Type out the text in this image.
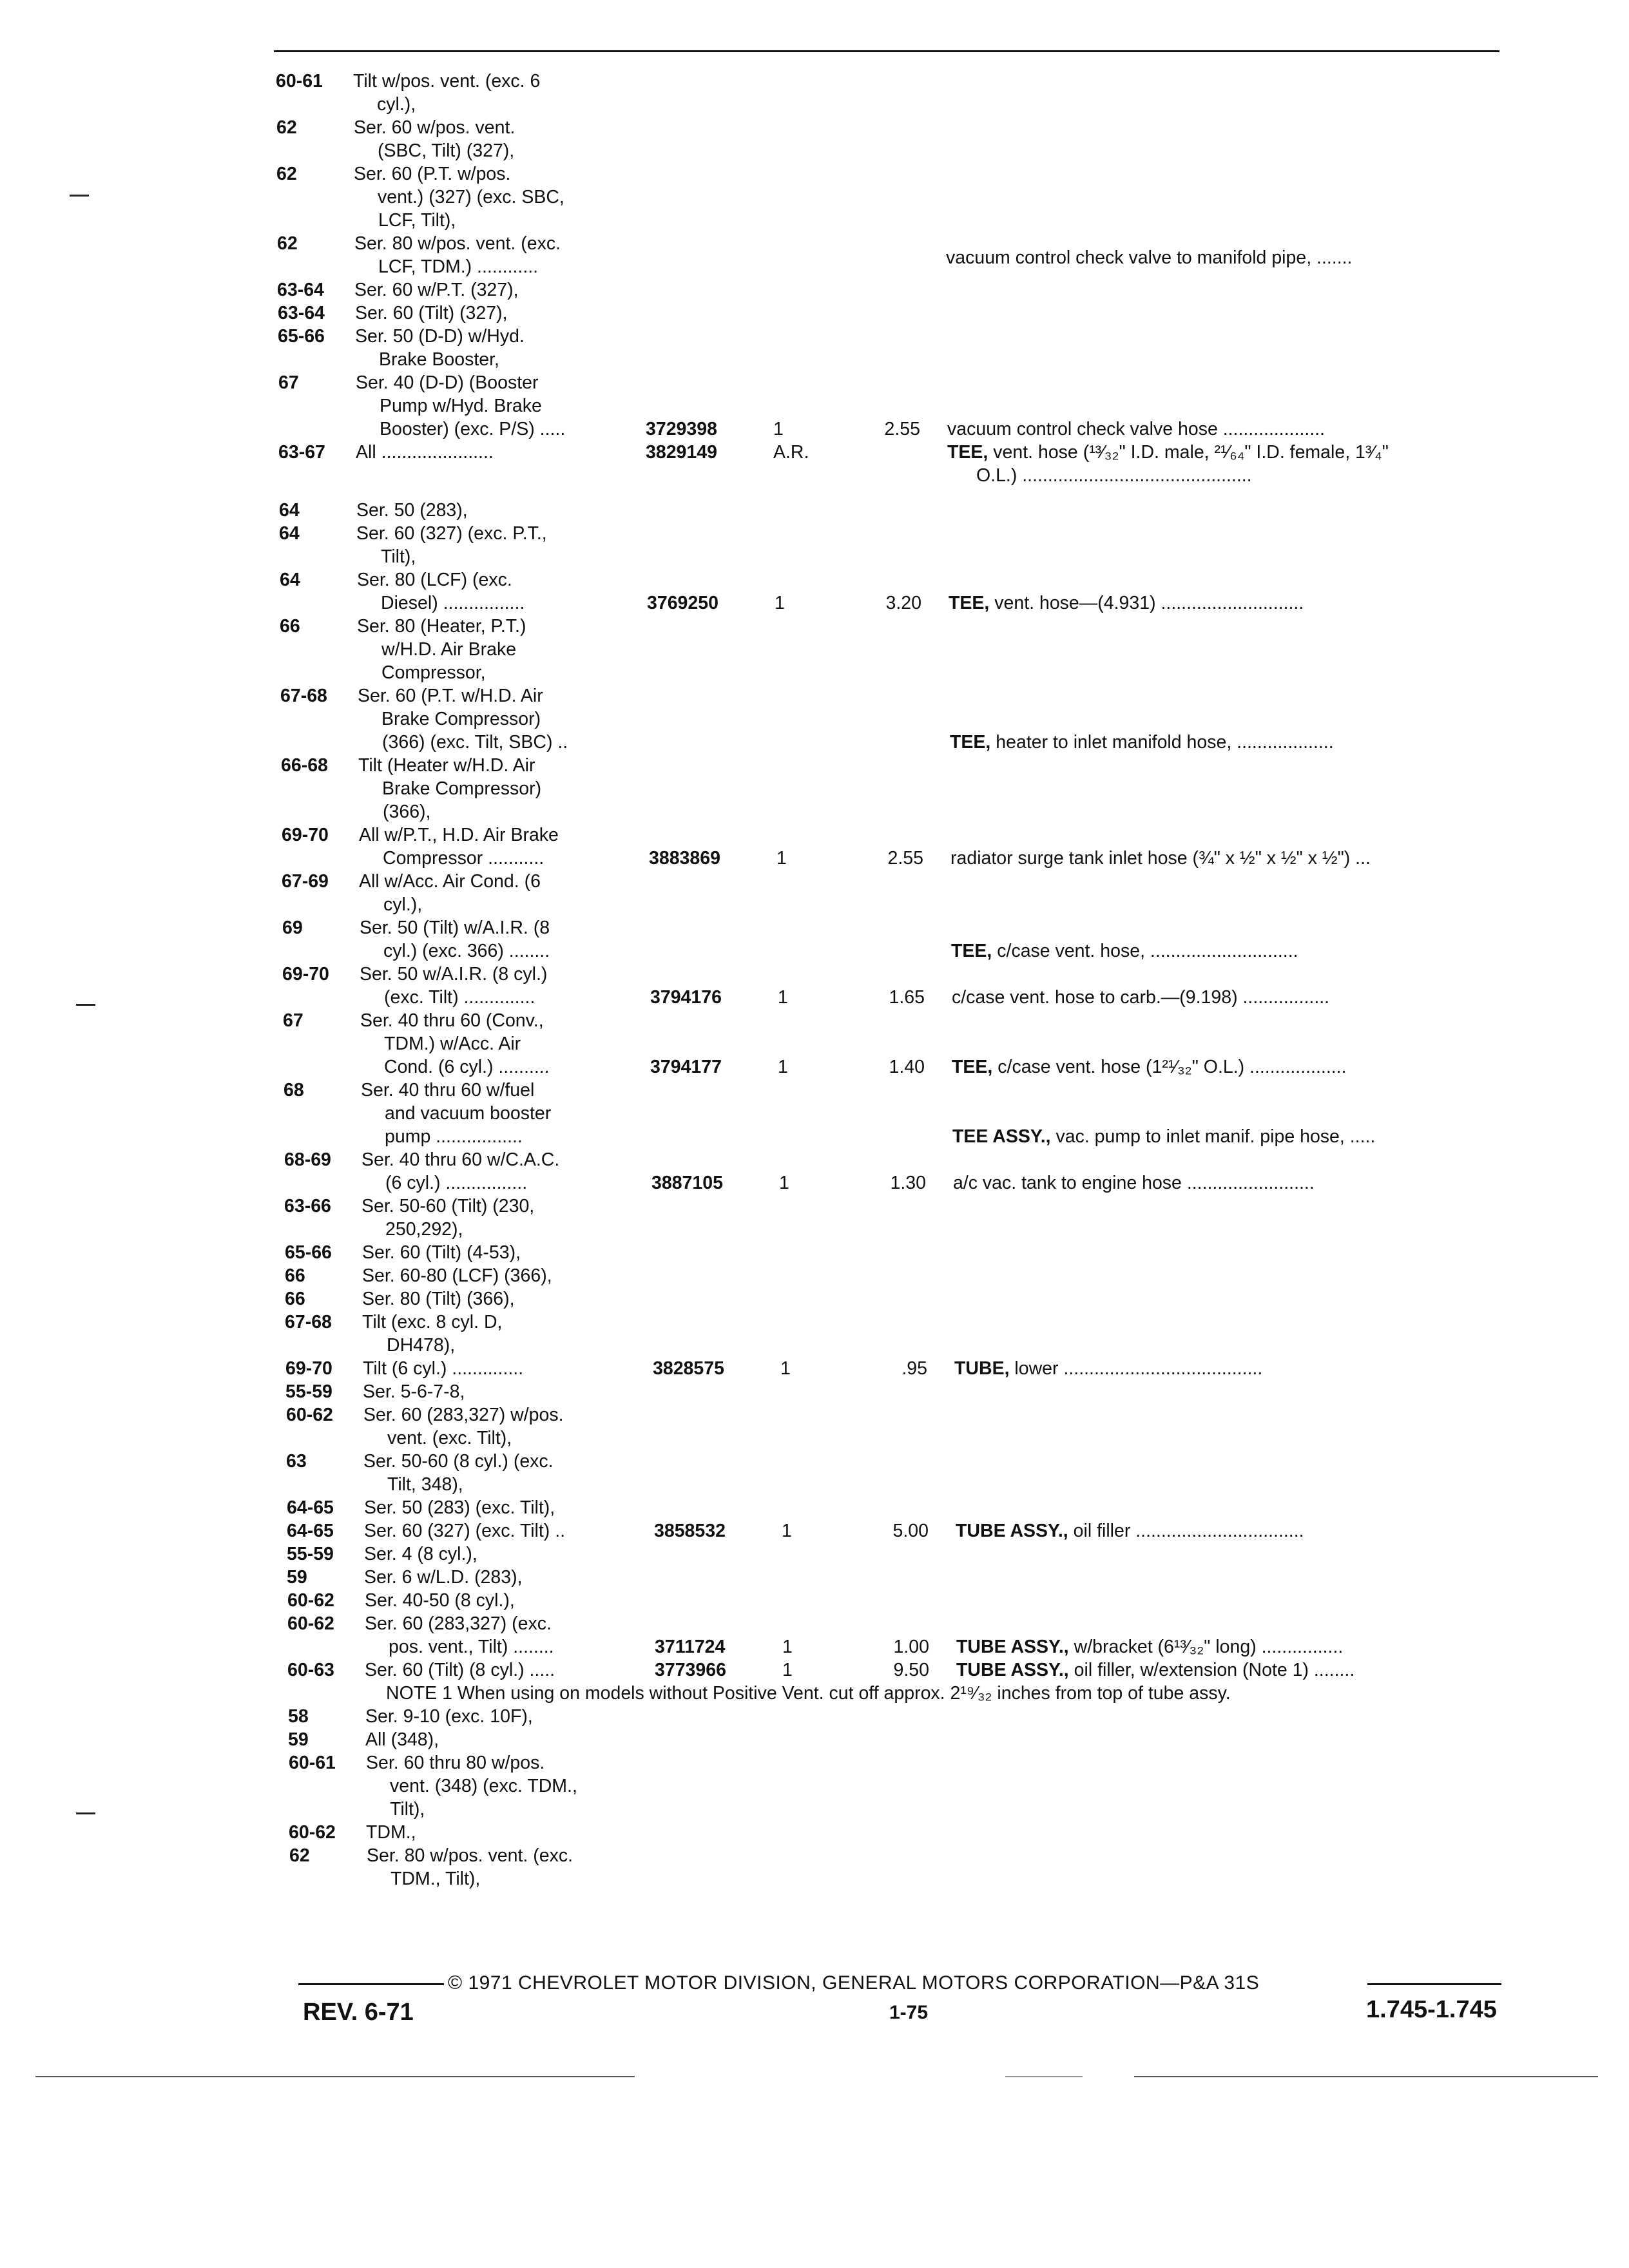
60-61 Tilt w/pos. vent. (exc. 6
cyl.),
62	Ser. 60 w/pos. vent.
(SBC, Tilt) (327),
62	Ser. 60 (P.T. w/pos.
vent.) (327) (exc. SBC,
LCF, Tilt),
62	Ser. 80 w/pos. vent. (exc.
LCF, TDM.) ............	vacuum control check valve to manifold pipe, .......
63-64 Ser. 60 w/P.T. (327),
63-64 Ser. 60 (Tilt) (327),
65-66 Ser. 50 (D-D) w/Hyd.
Brake Booster,
67	Ser. 40 (D-D) (Booster
Pump w/Hyd. Brake
Booster) (exc. P/S) .....	3729398	1	2.55 vacuum control check valve hose ....................
63-67 All ......................	3829149	A.R.	TEE, vent. hose (¹³⁄₃₂" I.D. male, ²¹⁄₆₄" I.D. female, 1³⁄₄"
O.L.) .............................................
64	Ser. 50 (283),
64	Ser. 60 (327) (exc. P.T.,
Tilt),
64	Ser. 80 (LCF) (exc.
Diesel) ................	3769250	1	3.20 TEE, vent. hose—(4.931) ............................
66	Ser. 80 (Heater, P.T.)
w/H.D. Air Brake
Compressor,
67-68 Ser. 60 (P.T. w/H.D. Air
Brake Compressor)
(366) (exc. Tilt, SBC) ..	TEE, heater to inlet manifold hose, ...................
66-68 Tilt (Heater w/H.D. Air
Brake Compressor)
(366),
69-70 All w/P.T., H.D. Air Brake
Compressor ...........	3883869	1	2.55 radiator surge tank inlet hose (¾" x ½" x ½" x ½") ...
67-69 All w/Acc. Air Cond. (6
cyl.),
69	Ser. 50 (Tilt) w/A.I.R. (8
cyl.) (exc. 366) ........	TEE, c/case vent. hose, .............................
69-70 Ser. 50 w/A.I.R. (8 cyl.)
(exc. Tilt) ..............	3794176	1	1.65 c/case vent. hose to carb.—(9.198) .................
67	Ser. 40 thru 60 (Conv.,
TDM.) w/Acc. Air
Cond. (6 cyl.) ..........	3794177	1	1.40 TEE, c/case vent. hose (1²¹⁄₃₂" O.L.) ...................
68	Ser. 40 thru 60 w/fuel
and vacuum booster
pump .................	TEE ASSY., vac. pump to inlet manif. pipe hose, .....
68-69 Ser. 40 thru 60 w/C.A.C.
(6 cyl.) ................	3887105	1	1.30 a/c vac. tank to engine hose .........................
63-66 Ser. 50-60 (Tilt) (230,
250,292),
65-66 Ser. 60 (Tilt) (4-53),
66	Ser. 60-80 (LCF) (366),
66	Ser. 80 (Tilt) (366),
67-68 Tilt (exc. 8 cyl. D,
DH478),
69-70 Tilt (6 cyl.) ..............	3828575	1	.95 TUBE, lower .......................................
55-59 Ser. 5-6-7-8,
60-62 Ser. 60 (283,327) w/pos.
vent. (exc. Tilt),
63	Ser. 50-60 (8 cyl.) (exc.
Tilt, 348),
64-65 Ser. 50 (283) (exc. Tilt),
64-65 Ser. 60 (327) (exc. Tilt) ..	3858532	1	5.00 TUBE ASSY., oil filler .................................
55-59 Ser. 4 (8 cyl.),
59	Ser. 6 w/L.D. (283),
60-62 Ser. 40-50 (8 cyl.),
60-62 Ser. 60 (283,327) (exc.
pos. vent., Tilt) ........	3711724	1	1.00 TUBE ASSY., w/bracket (6¹³⁄₃₂" long) ................
60-63 Ser. 60 (Tilt) (8 cyl.) .....	3773966	1	9.50 TUBE ASSY., oil filler, w/extension (Note 1) ........
NOTE 1 When using on models without Positive Vent. cut off approx. 2¹⁹⁄₃₂ inches from top of tube assy.
58	Ser. 9-10 (exc. 10F),
59	All (348),
60-61 Ser. 60 thru 80 w/pos.
vent. (348) (exc. TDM.,
Tilt),
60-62 TDM.,
62	Ser. 80 w/pos. vent. (exc.
TDM., Tilt),
© 1971 CHEVROLET MOTOR DIVISION, GENERAL MOTORS CORPORATION—P&A 31S
REV. 6-71	1-75	1.745-1.745
